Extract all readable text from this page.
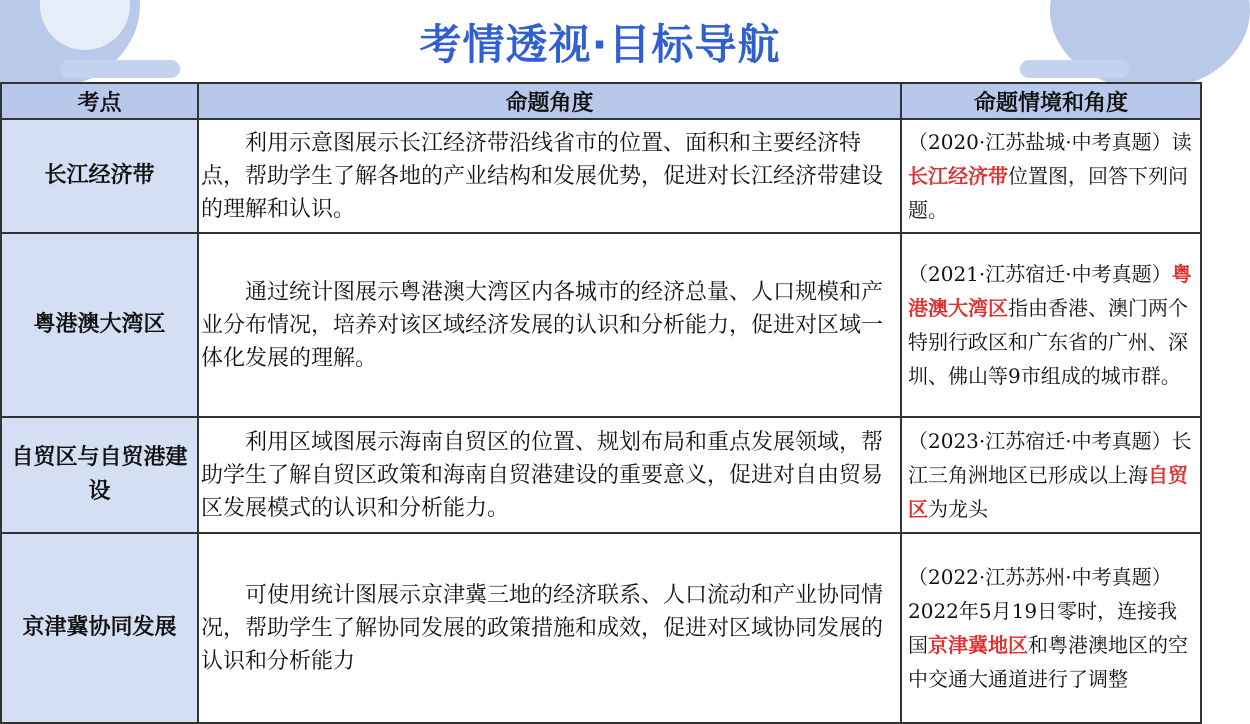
考情透视·目标导航
考点	命题角度	命题情境和角度
长江经济带	利用示意图展示长江经济带沿线省市的位置、面积和主要经济特点，帮助学生了解各地的产业结构和发展优势，促进对长江经济带建设的理解和认识。	（2020·江苏盐城·中考真题）读长江经济带位置图，回答下列问题。
粤港澳大湾区	通过统计图展示粤港澳大湾区内各城市的经济总量、人口规模和产业分布情况，培养对该区域经济发展的认识和分析能力，促进对区域一体化发展的理解。	（2021·江苏宿迁·中考真题）粤港澳大湾区指由香港、澳门两个特别行政区和广东省的广州、深圳、佛山等9市组成的城市群。
自贸区与自贸港建设	利用区域图展示海南自贸区的位置、规划布局和重点发展领域，帮助学生了解自贸区政策和海南自贸港建设的重要意义，促进对自由贸易区发展模式的认识和分析能力。	（2023·江苏宿迁·中考真题）长江三角洲地区已形成以上海自贸区为龙头
京津冀协同发展	可使用统计图展示京津冀三地的经济联系、人口流动和产业协同情况，帮助学生了解协同发展的政策措施和成效，促进对区域协同发展的认识和分析能力	（2022·江苏苏州·中考真题）2022年5月19日零时，连接我国京津冀地区和粤港澳地区的空中交通大通道进行了调整
